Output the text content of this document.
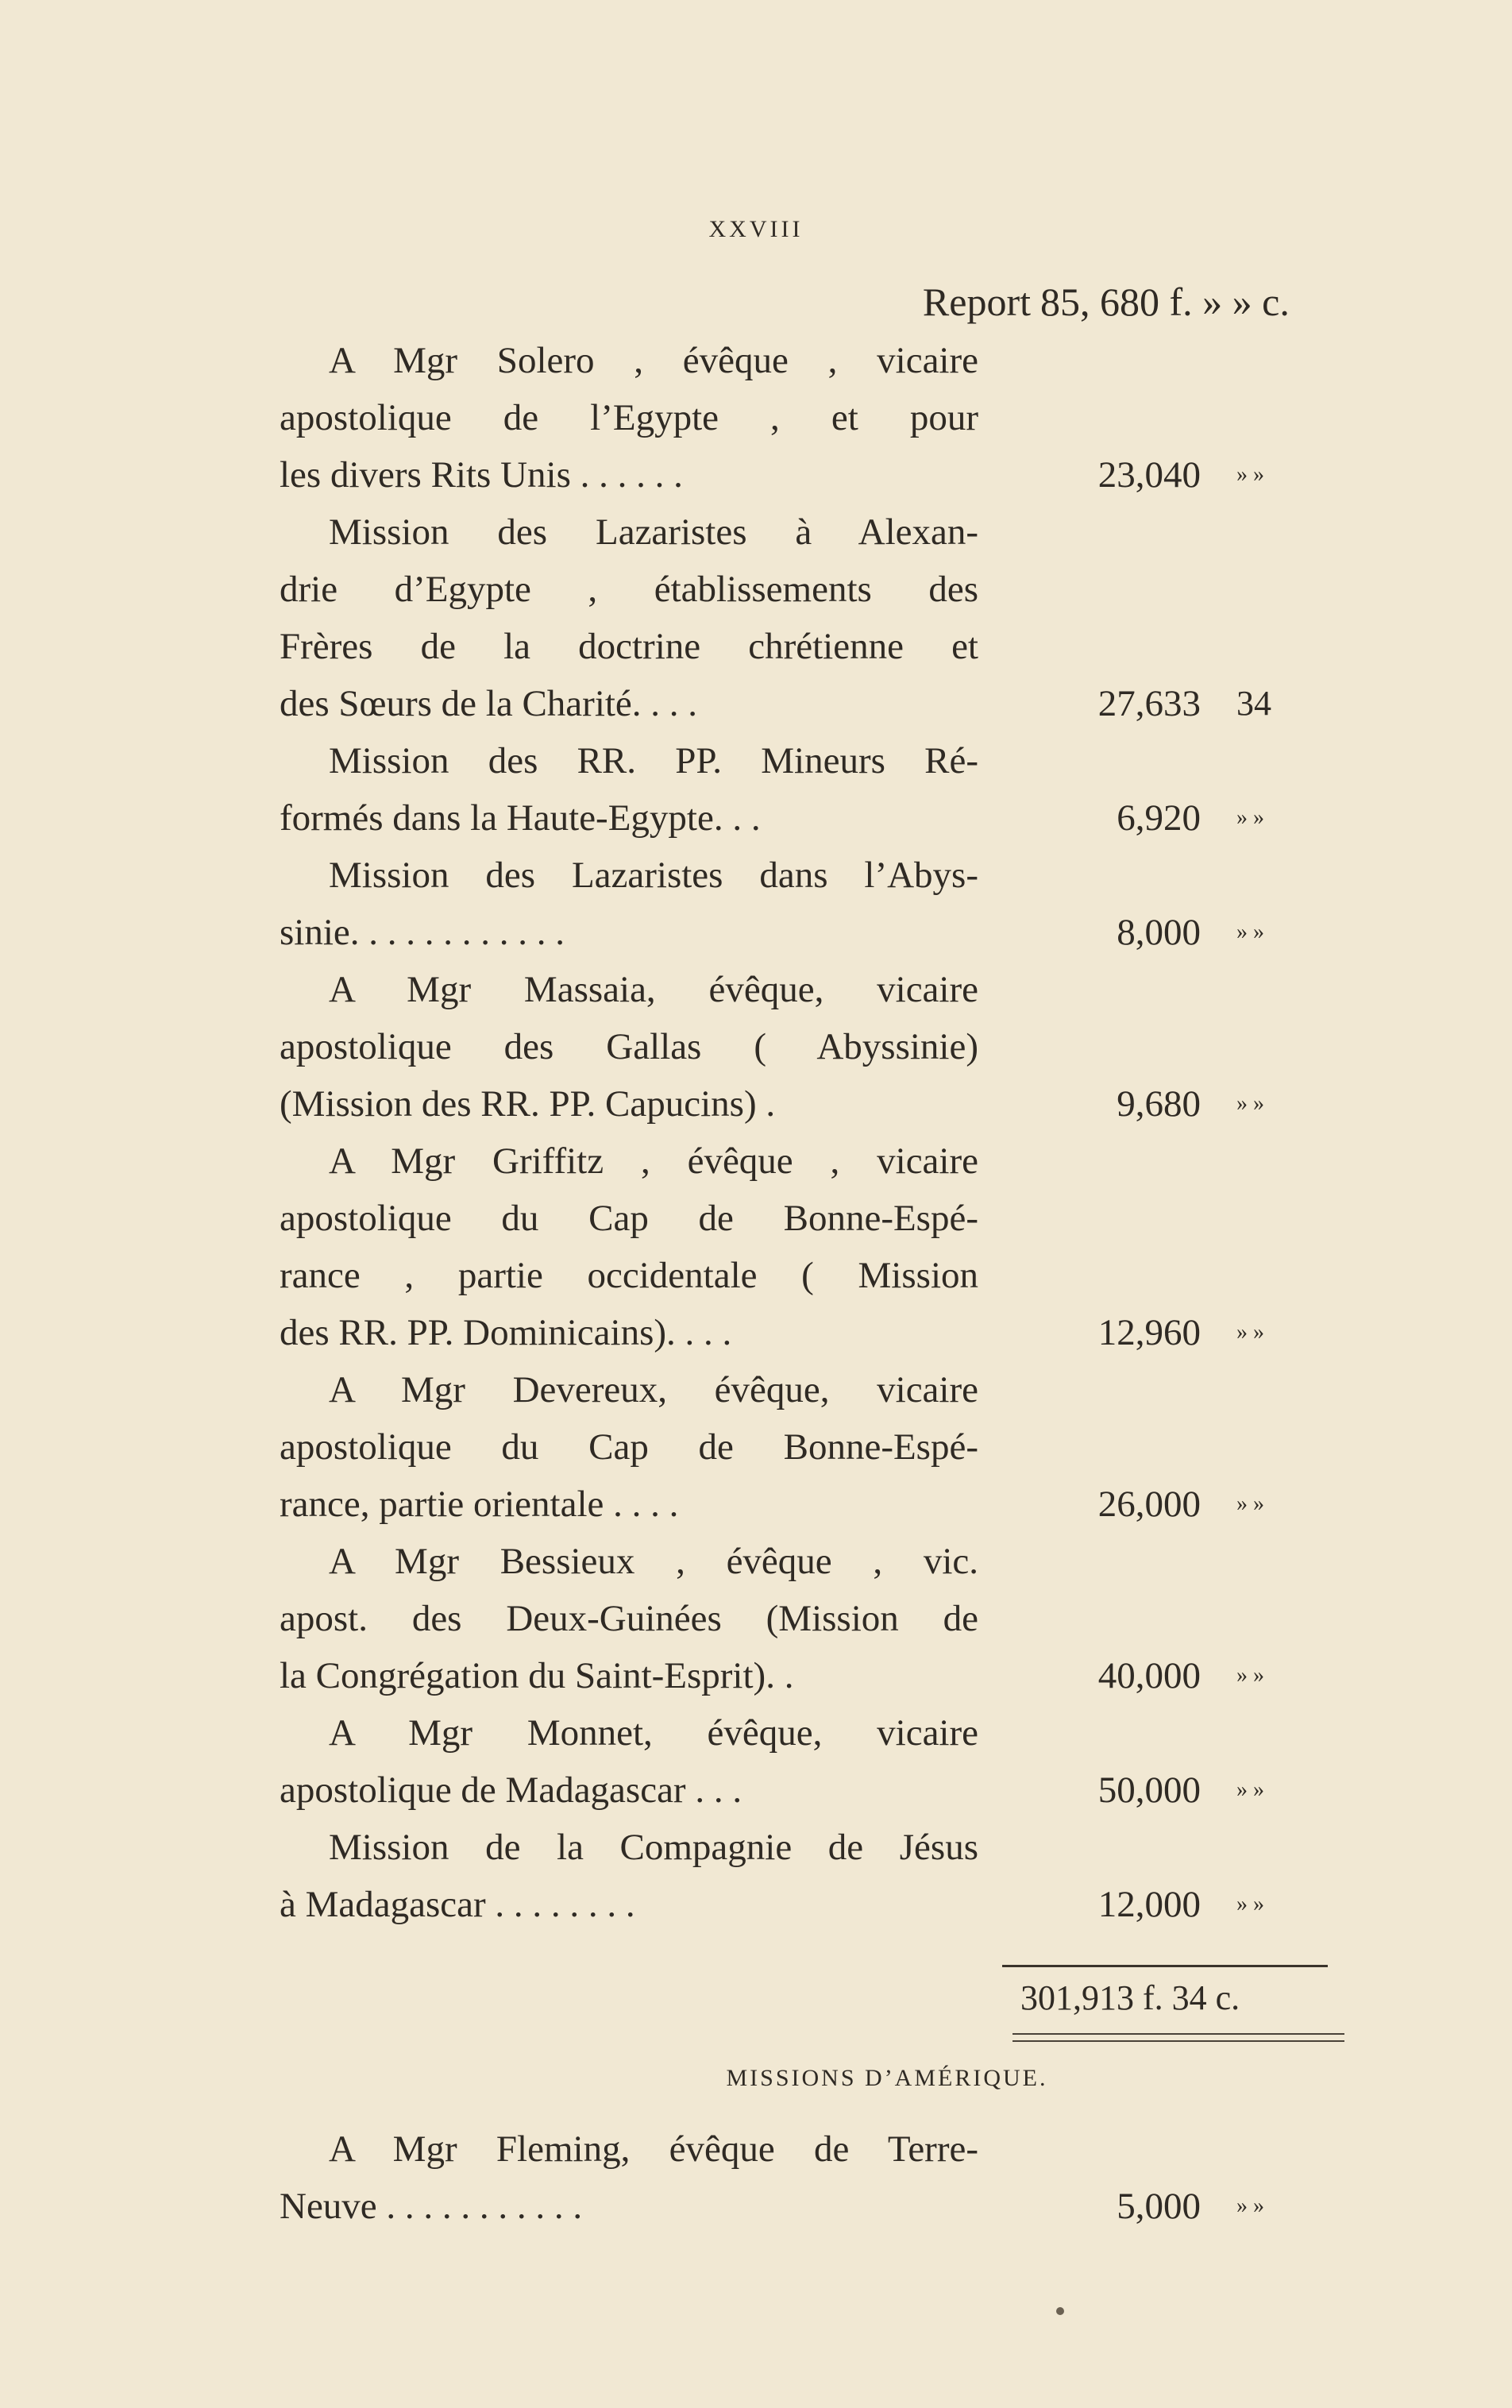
XXVIII
Report 85, 680 f. » » c.
A Mgr Solero , évêque , vicaire
apostolique de l’Egypte , et pour
les divers Rits Unis . . . . . .	23,040 » »
Mission des Lazaristes à Alexan-
drie d’Egypte , établissements des
Frères de la doctrine chrétienne et
des Sœurs de la Charité. . . .	27,633 34
Mission des RR. PP. Mineurs Ré-
formés dans la Haute-Egypte. . .	6,920 » »
Mission des Lazaristes dans l’Abys-
sinie. . . . . . . . . . . .	8,000 » »
A Mgr Massaia, évêque, vicaire
apostolique des Gallas ( Abyssinie)
(Mission des RR. PP. Capucins) .	9,680 » »
A Mgr Griffitz , évêque , vicaire
apostolique du Cap de Bonne-Espé-
rance , partie occidentale ( Mission
des RR. PP. Dominicains). . . .	12,960 » »
A Mgr Devereux, évêque, vicaire
apostolique du Cap de Bonne-Espé-
rance, partie orientale . . . .	26,000 » »
A Mgr Bessieux , évêque , vic.
apost. des Deux-Guinées (Mission de
la Congrégation du Saint-Esprit). .	40,000 » »
A Mgr Monnet, évêque, vicaire
apostolique de Madagascar . . .	50,000 » »
Mission de la Compagnie de Jésus
à Madagascar . . . . . . . .	12,000 » »
301,913 f. 34 c.
MISSIONS D’AMÉRIQUE.
A Mgr Fleming, évêque de Terre-
Neuve . . . . . . . . . . .	5,000 » »
